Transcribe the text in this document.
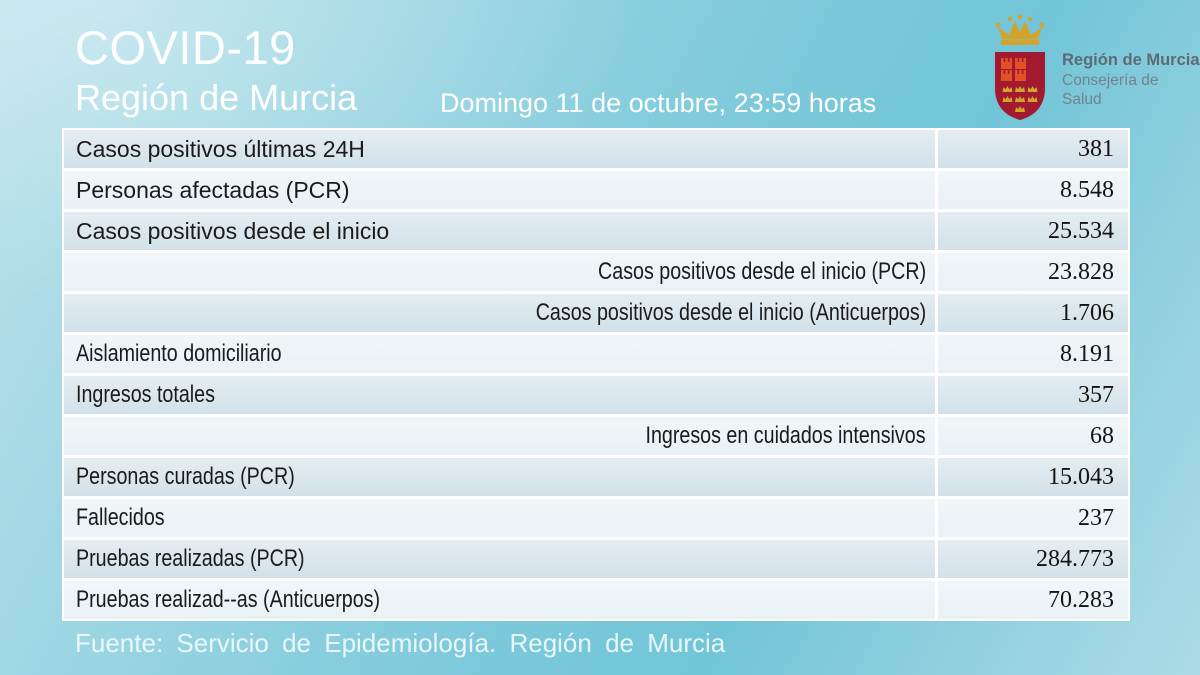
COVID-19
Región de Murcia	Domingo 11 de octubre, 23:59 horas
Región de Murcia
Consejería de Salud
Casos positivos últimas 24H	381
Personas afectadas (PCR)	8.548
Casos positivos desde el inicio	25.534
Casos positivos desde el inicio (PCR)	23.828
Casos positivos desde el inicio (Anticuerpos)	1.706
Aislamiento domiciliario	8.191
Ingresos totales	357
Ingresos en cuidados intensivos	68
Personas curadas (PCR)	15.043
Fallecidos	237
Pruebas realizadas (PCR)	284.773
Pruebas realizad--as (Anticuerpos)	70.283
Fuente: Servicio de Epidemiología. Región de Murcia
